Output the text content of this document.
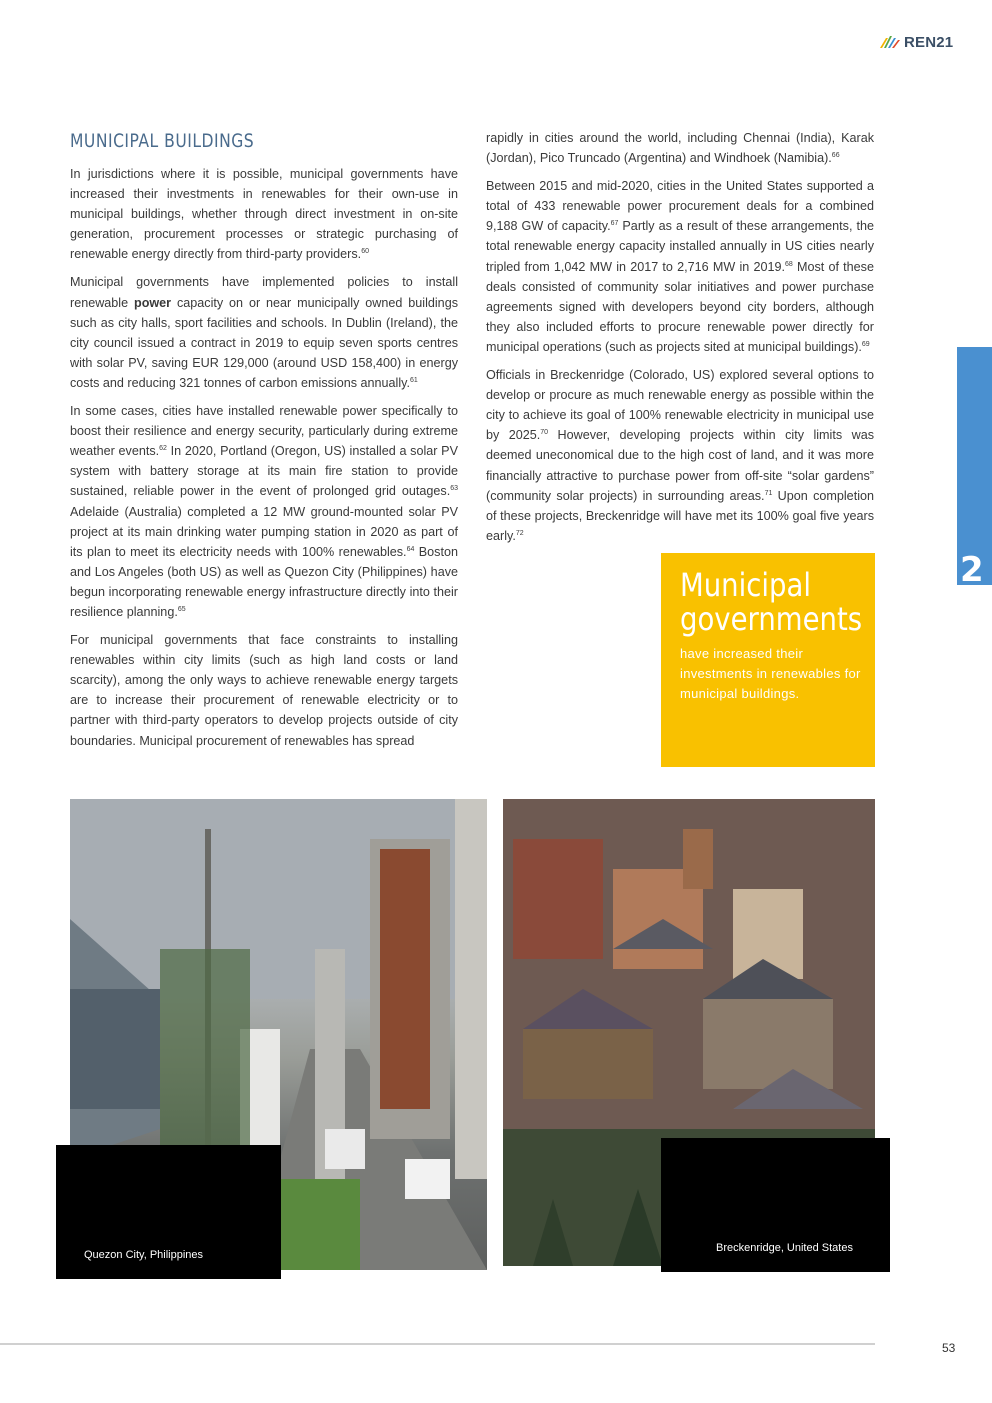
REN21
MUNICIPAL BUILDINGS

In jurisdictions where it is possible, municipal governments have increased their investments in renewables for their own-use in municipal buildings, whether through direct investment in on-site generation, procurement processes or strategic purchasing of renewable energy directly from third-party providers.$^{60}$

Municipal governments have implemented policies to install renewable power capacity on or near municipally owned buildings such as city halls, sport facilities and schools. In Dublin (Ireland), the city council issued a contract in 2019 to equip seven sports centres with solar PV, saving EUR 129,000 (around USD 158,400) in energy costs and reducing 321 tonnes of carbon emissions annually.$^{61}$

In some cases, cities have installed renewable power specifically to boost their resilience and energy security, particularly during extreme weather events.$^{62}$ In 2020, Portland (Oregon, US) installed a solar PV system with battery storage at its main fire station to provide sustained, reliable power in the event of prolonged grid outages.$^{63}$ Adelaide (Australia) completed a 12 MW ground-mounted solar PV project at its main drinking water pumping station in 2020 as part of its plan to meet its electricity needs with 100% renewables.$^{64}$ Boston and Los Angeles (both US) as well as Quezon City (Philippines) have begun incorporating renewable energy infrastructure directly into their resilience planning.$^{65}$

For municipal governments that face constraints to installing renewables within city limits (such as high land costs or land scarcity), among the only ways to achieve renewable energy targets are to increase their procurement of renewable electricity or to partner with third-party operators to develop projects outside of city boundaries. Municipal procurement of renewables has spread

rapidly in cities around the world, including Chennai (India), Karak (Jordan), Pico Truncado (Argentina) and Windhoek (Namibia).$^{66}$

Between 2015 and mid-2020, cities in the United States supported a total of 433 renewable power procurement deals for a combined 9,188 GW of capacity.$^{67}$ Partly as a result of these arrangements, the total renewable energy capacity installed annually in US cities nearly tripled from 1,042 MW in 2017 to 2,716 MW in 2019.68 Most of these deals consisted of community solar initiatives and power purchase agreements signed with developers beyond city borders, although they also included efforts to procure renewable power directly for municipal operations (such as projects sited at municipal buildings).$^{69}$

Officials in Breckenridge (Colorado, US) explored several options to develop or procure as much renewable energy as possible within the city to achieve its goal of 100% renewable electricity in municipal use by 2025.70 However, developing projects within city limits was deemed uneconomical due to the high cost of land, and it was more financially attractive to purchase power from off-site “solar gardens” (community solar projects) in surrounding areas.$^{71}$ Upon completion of these projects, Breckenridge will have met its 100% goal five years early.$^{72}$

Municipal
governments
have increased their investments in renewables for municipal buildings.
2
Quezon City, Philippines
Breckenridge, United States
53
